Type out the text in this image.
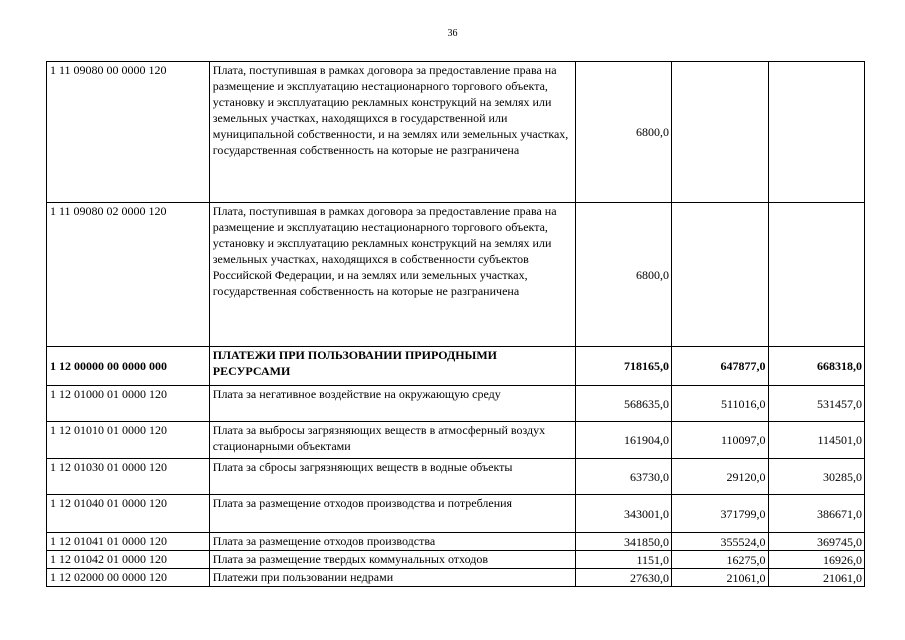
36
1 11 09080 00 0000 120	Плата, поступившая в рамках договора за предоставление права на размещение и эксплуатацию нестационарного торгового объекта, установку и эксплуатацию рекламных конструкций на землях или земельных участках, находящихся в государственной или муниципальной собственности, и на землях или земельных участках, государственная собственность на которые не разграничена	6800,0		
1 11 09080 02 0000 120	Плата, поступившая в рамках договора за предоставление права на размещение и эксплуатацию нестационарного торгового объекта, установку и эксплуатацию рекламных конструкций на землях или земельных участках, находящихся в собственности субъектов Российской Федерации, и на землях или земельных участках, государственная собственность на которые не разграничена	6800,0		
1 12 00000 00 0000 000	ПЛАТЕЖИ ПРИ ПОЛЬЗОВАНИИ ПРИРОДНЫМИ РЕСУРСАМИ	718165,0	647877,0	668318,0
1 12 01000 01 0000 120	Плата за негативное воздействие на окружающую среду	568635,0	511016,0	531457,0
1 12 01010 01 0000 120	Плата за выбросы загрязняющих веществ в атмосферный воздух стационарными объектами	161904,0	110097,0	114501,0
1 12 01030 01 0000 120	Плата за сбросы загрязняющих веществ в водные объекты	63730,0	29120,0	30285,0
1 12 01040 01 0000 120	Плата за размещение отходов производства и потребления	343001,0	371799,0	386671,0
1 12 01041 01 0000 120	Плата за размещение отходов производства	341850,0	355524,0	369745,0
1 12 01042 01 0000 120	Плата за размещение твердых коммунальных отходов	1151,0	16275,0	16926,0
1 12 02000 00 0000 120	Платежи при пользовании недрами	27630,0	21061,0	21061,0
